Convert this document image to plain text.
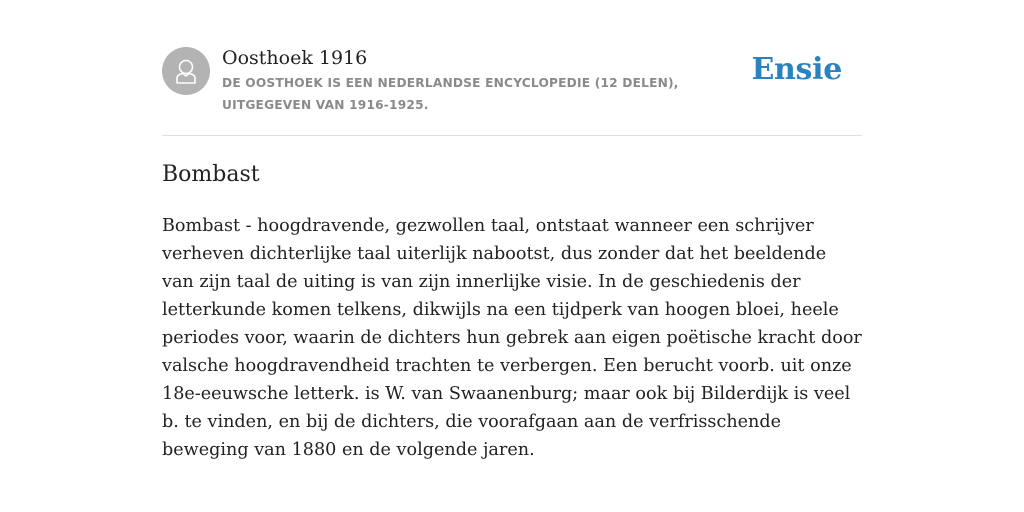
Oosthoek 1916
DE OOSTHOEK IS EEN NEDERLANDSE ENCYCLOPEDIE (12 DELEN), UITGEGEVEN VAN 1916-1925.
Ensie
Bombast

Bombast - hoogdravende, gezwollen taal, ontstaat wanneer een schrijver verheven dichterlijke taal uiterlijk nabootst, dus zonder dat het beeldende van zijn taal de uiting is van zijn innerlijke visie. In de geschiedenis der letterkunde komen telkens, dikwijls na een tijdperk van hoogen bloei, heele periodes voor, waarin de dichters hun gebrek aan eigen poëtische kracht door valsche hoogdravendheid trachten te verbergen. Een berucht voorb. uit onze 18e-eeuwsche letterk. is W. van Swaanenburg; maar ook bij Bilderdijk is veel b. te vinden, en bij de dichters, die voorafgaan aan de verfrisschende beweging van 1880 en de volgende jaren.
